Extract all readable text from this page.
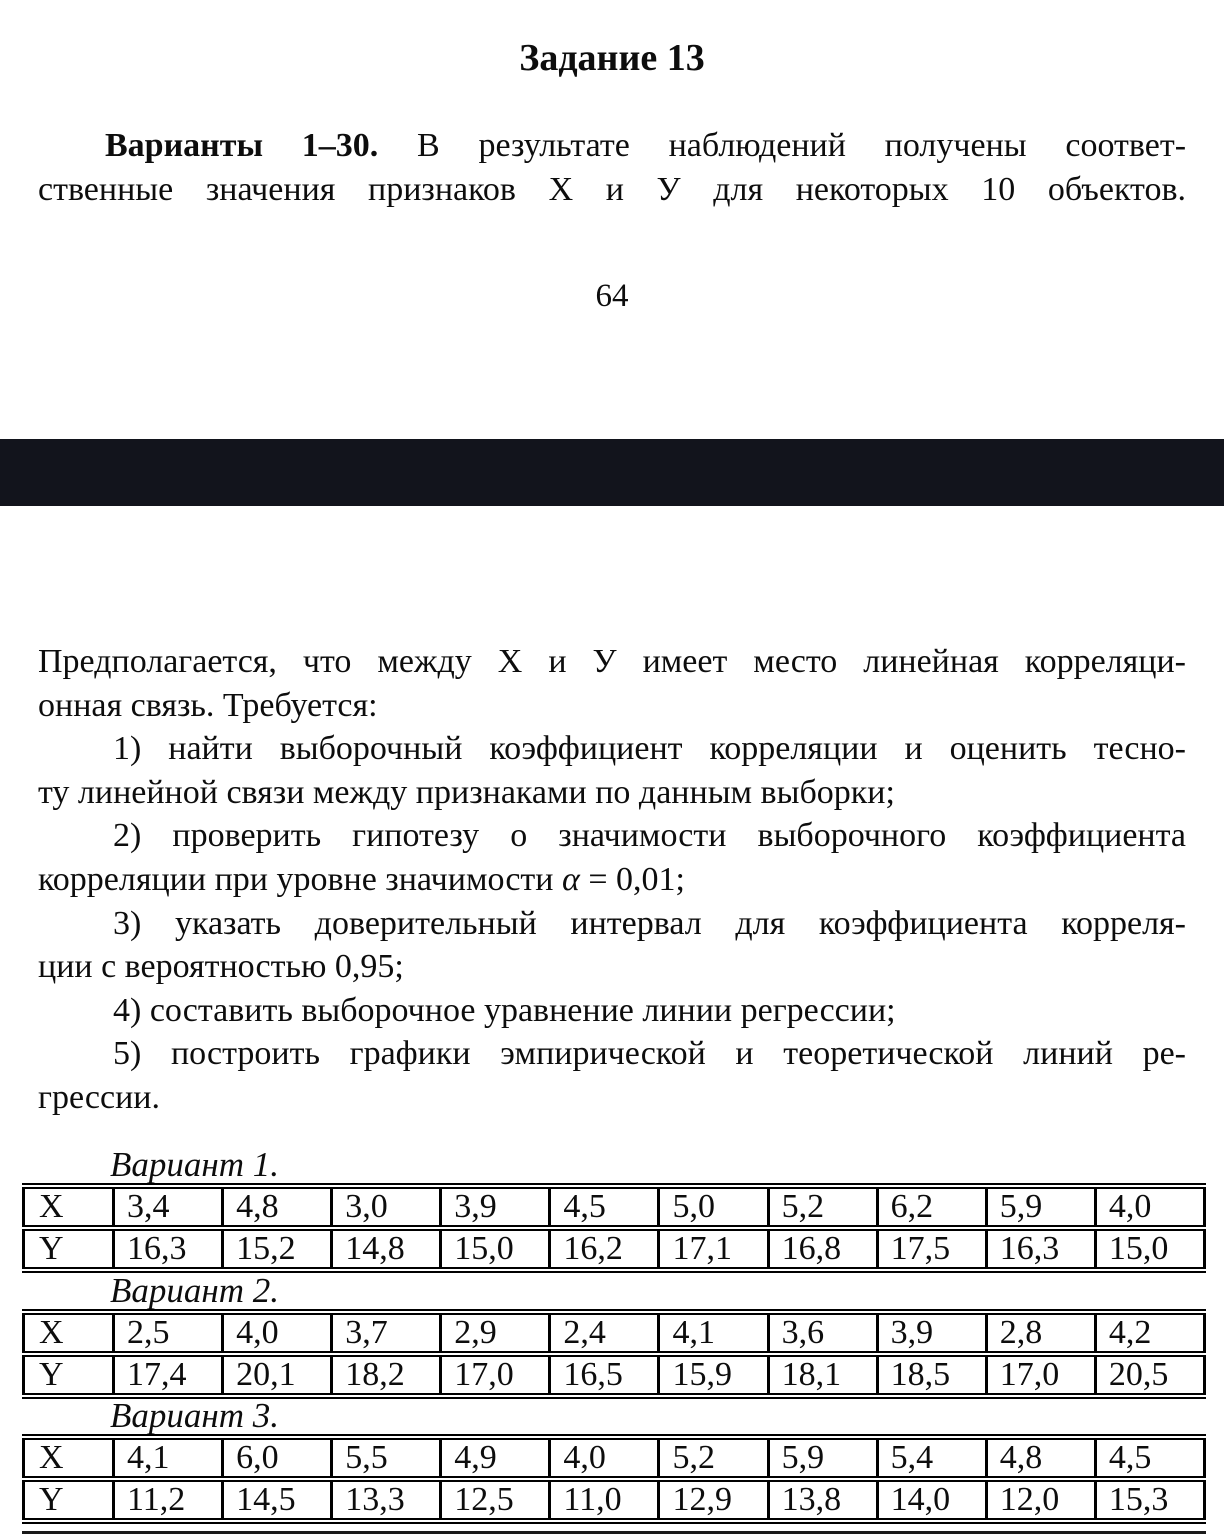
Задание 13
Варианты 1–30. В результате наблюдений получены соответ-
ственные значения признаков Х и У для некоторых 10 объектов.
64
Предполагается, что между Х и У имеет место линейная корреляци-
онная связь. Требуется:
1) найти выборочный коэффициент корреляции и оценить тесно-
ту линейной связи между признаками по данным выборки;
2) проверить гипотезу о значимости выборочного коэффициента
корреляции при уровне значимости α = 0,01;
3) указать доверительный интервал для коэффициента корреля-
ции с вероятностью 0,95;
4) составить выборочное уравнение линии регрессии;
5) построить графики эмпирической и теоретической линий ре-
грессии.
Вариант 1.
X	3,4	4,8	3,0	3,9	4,5	5,0	5,2	6,2	5,9	4,0
Y	16,3	15,2	14,8	15,0	16,2	17,1	16,8	17,5	16,3	15,0
Вариант 2.
X	2,5	4,0	3,7	2,9	2,4	4,1	3,6	3,9	2,8	4,2
Y	17,4	20,1	18,2	17,0	16,5	15,9	18,1	18,5	17,0	20,5
Вариант 3.
X	4,1	6,0	5,5	4,9	4,0	5,2	5,9	5,4	4,8	4,5
Y	11,2	14,5	13,3	12,5	11,0	12,9	13,8	14,0	12,0	15,3
